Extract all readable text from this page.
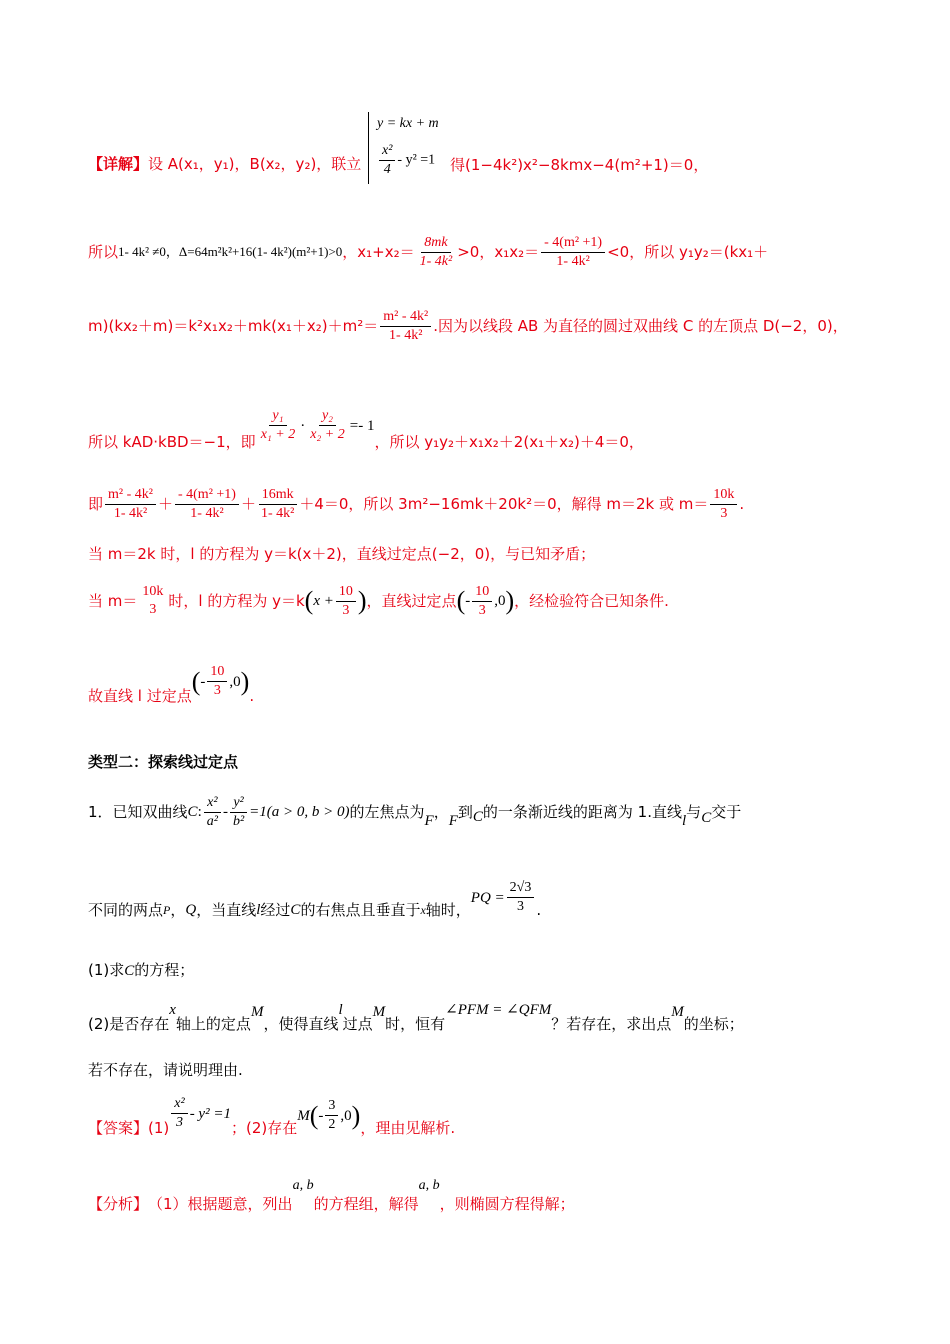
【详解】设 A(x₁，y₁)，B(x₂，y₂)，联立
y = kx + m
$\frac{\text{x²}}{4} - y^2 =1$ 得(1−4k²)x²−8kmx−4(m²+1)＝0，
所以 1- 4k² ≠0，Δ=64m²k²+16(1- 4k²)(m²+1)>0 ，$x_1+x_2= \frac{8mk}{\text{1- 4k²}} >0$，$x_1x_2= \frac{\text{- 4(m² +1)}}{\text{1- 4k²}} <0$，所以 y₁y₂＝(kx₁＋
$m)(kx_2+m)=k^2x_1x_2+mk(x_1+x_2)+m^2= \frac{\text{m² - 4k²}}{\text{1- 4k²}}$ .因为以线段 AB 为直径的圆过双曲线 C 的左顶点 D(−2，0)，
所以 kAD·kBD＝−1，即 $\frac{\text{y₁}}{\text{x₁ + 2}} \cdot \frac{\text{y₂}}{\text{x₂ + 2}} =- 1$
，所以 y₁y₂＋x₁x₂＋2(x₁＋x₂)＋4＝0，
即 $\frac{\text{m² - 4k²}}{\text{1- 4k²}} + \frac{\text{- 4(m² +1)}}{\text{1- 4k²}} + \frac{16mk}{\text{1- 4k²}} +4=0$，所以 3m²−16mk＋20k²＝0，解得 m＝2k 或 $m= \frac{10k}{3}$ .
当 m＝2k 时，l 的方程为 y＝k(x＋2)，直线过定点(−2，0)，与已知矛盾；
当 m＝
10k
3 时，l 的方程为 y＝k ( $x + \frac{10}{3}$ ) ，直线过定点 ( - $\frac{10}{3} ,0$ ) ，经检验符合已知条件.
故直线 l 过定点
( - $\frac{10}{3} ,0$ )
.
类型二：探索线过定点
1．已知双曲线 C : $\frac{\text{x²}}{\text{a²}} - \frac{\text{y²}}{\text{b²}} =1(a > 0$, b > 0) 的左焦点为 F ， F 到 C 的一条渐近线的距离为 1.直线 l 与 C 交于
不同的两点 P ， Q ，当直线 l 经过 C 的右焦点且垂直于 x 轴时，
PQ = $\frac{2√3}{3}$ .
(1)求C的方程；
(2)是否存在
x
轴上的定点
M
，使得直线
l
过点
M
时，恒有
∠PFM = ∠QFM
？若存在，求出点
M
的坐标；
若不存在，请说明理由.
【答案】 $(1) \frac{\text{x²}}{3} - y^2 =1$
；(2)存在
M ( - $\frac{3}{2} ,0$ ) ，理由见解析.
【分析】 （1）根据题意，列出
a, b
的方程组，解得
a, b
，则椭圆方程得解；
